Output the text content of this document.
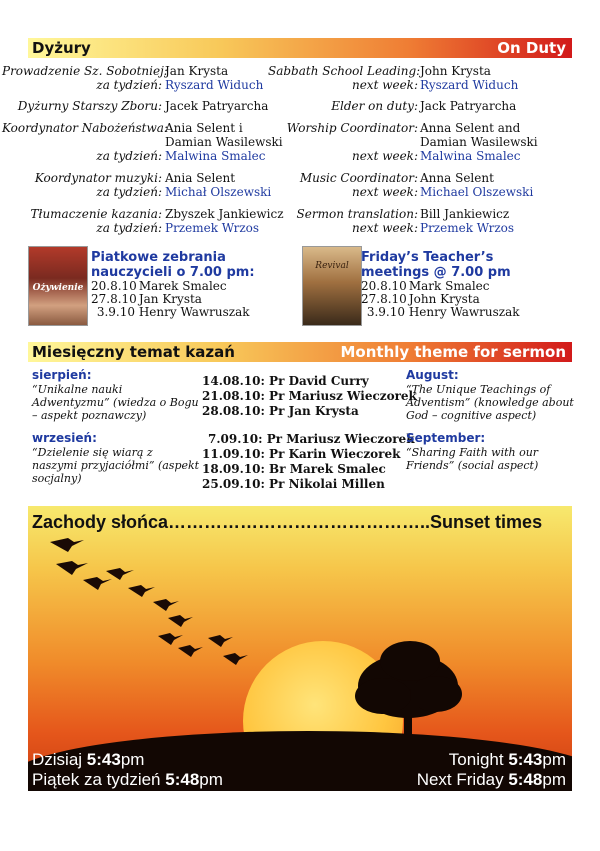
Dyżury	On Duty
Prowadzenie Sz. Sobotniej:
Jan Krysta
za tydzień: Ryszard Widuch
Dyżurny Starszy Zboru: Jacek Patryarcha
Koordynator Nabożeństwa:
Ania Selent i
Damian Wasilewski
za tydzień: Malwina Smalec
Koordynator muzyki: Ania Selent
za tydzień: Michał Olszewski
Tłumaczenie kazania: Zbyszek Jankiewicz
za tydzień: Przemek Wrzos
Sabbath School Leading: John Krysta
next week: Ryszard Widuch
Elder on duty: Jack Patryarcha
Worship Coordinator: Anna Selent and
Damian Wasilewski
next week: Malwina Smalec
Music Coordinator: Anna Selent
next week: Michael Olszewski
Sermon translation: Bill Jankiewicz
next week: Przemek Wrzos
Ożywienie
Piatkowe zebrania
nauczycieli o 7.00 pm:
20.8.10 Marek Smalec
27.8.10 Jan Krysta
3.9.10 Henry Wawruszak
Revival
Friday’s Teacher’s
meetings @ 7.00 pm
20.8.10 Mark Smalec
27.8.10 John Krysta
3.9.10 Henry Wawruszak
Miesięczny temat kazań	Monthly theme for sermon
sierpień:
“Unikalne nauki Adwentyzmu” (wiedza o Bogu – aspekt poznawczy)
wrzesień:
“Dzielenie się wiarą z naszymi przyjaciółmi” (aspekt socjalny)
14.08.10: Pr David Curry
21.08.10: Pr Mariusz Wieczorek
28.08.10: Pr Jan Krysta
7.09.10: Pr Mariusz Wieczorek
11.09.10: Pr Karin Wieczorek
18.09.10: Br Marek Smalec
25.09.10: Pr Nikolai Millen
August:
“The Unique Teachings of Adventism” (knowledge about God – cognitive aspect)
September:
“Sharing Faith with our Friends” (social aspect)
Zachody słońca……………………………………..Sunset times
Dzisiaj 5:43pm
Piątek za tydzień 5:48pm
Tonight 5:43pm
Next Friday 5:48pm
